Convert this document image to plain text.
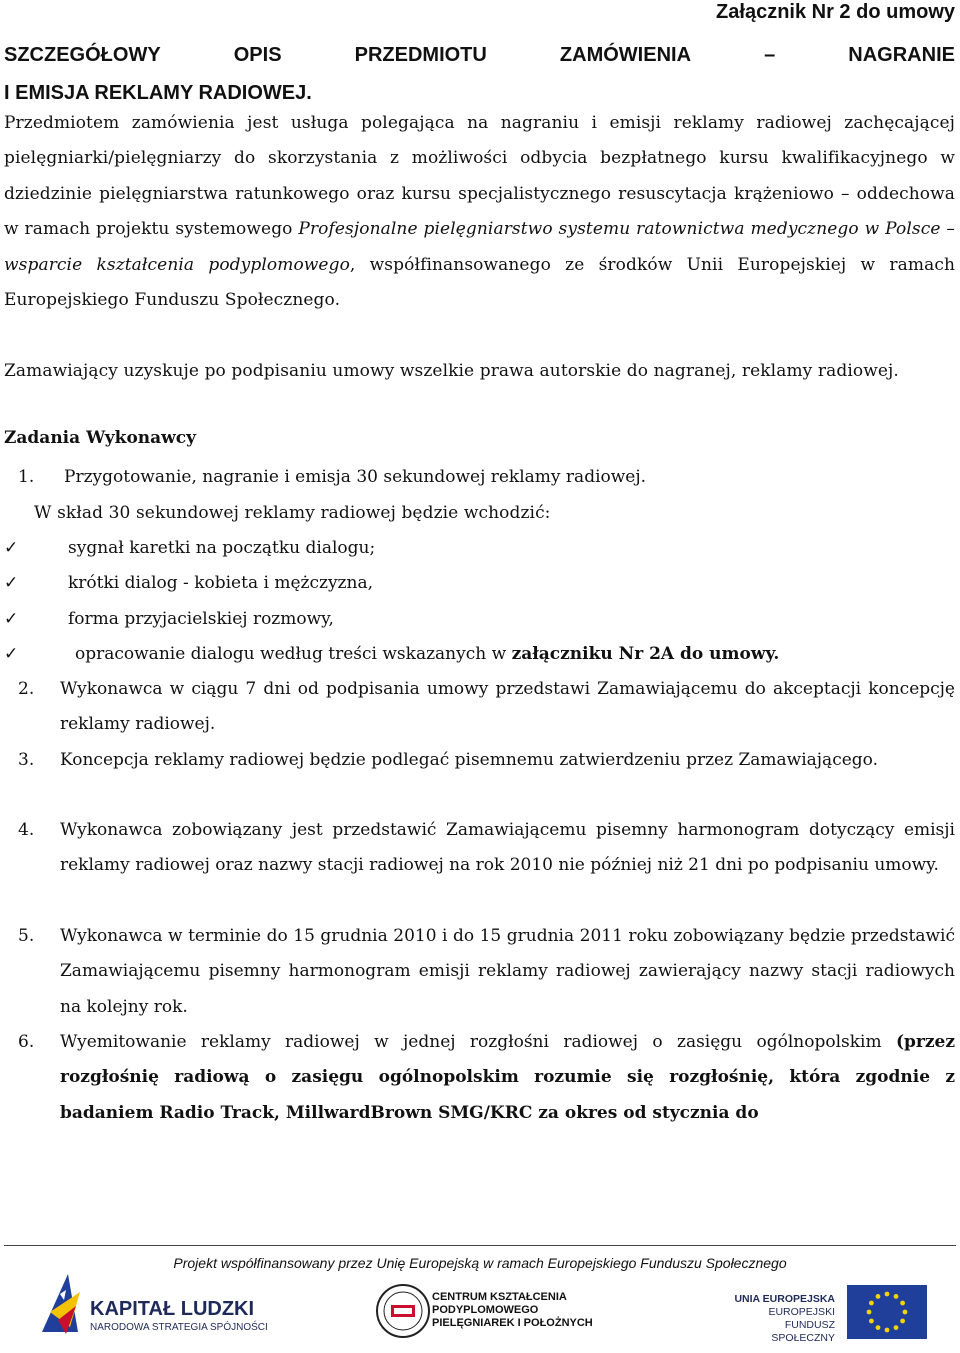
Załącznik Nr 2 do umowy
SZCZEGÓŁOWY	OPIS	PRZEDMIOTU	ZAMÓWIENIA	–	NAGRANIE
I EMISJA REKLAMY RADIOWEJ.
Przedmiotem zamówienia jest usługa polegająca na nagraniu i emisji reklamy radiowej zachęcającej pielęgniarki/pielęgniarzy do skorzystania z możliwości odbycia bezpłatnego kursu kwalifikacyjnego w dziedzinie pielęgniarstwa ratunkowego oraz kursu specjalistycznego resuscytacja krążeniowo – oddechowa w ramach projektu systemowego Profesjonalne pielęgniarstwo systemu ratownictwa medycznego w Polsce – wsparcie kształcenia podyplomowego, współfinansowanego ze środków Unii Europejskiej w ramach Europejskiego Funduszu Społecznego.
Zamawiający uzyskuje po podpisaniu umowy wszelkie prawa autorskie do nagranej, reklamy radiowej.
Zadania Wykonawcy
1. Przygotowanie, nagranie i emisja 30 sekundowej reklamy radiowej.
W skład 30 sekundowej reklamy radiowej będzie wchodzić:
✓	sygnał karetki na początku dialogu;
✓	krótki dialog - kobieta i mężczyzna,
✓	forma przyjacielskiej rozmowy,
✓	opracowanie dialogu według treści wskazanych w załączniku Nr 2A do umowy.
2. Wykonawca w ciągu 7 dni od podpisania umowy przedstawi Zamawiającemu do akceptacji koncepcję reklamy radiowej.
3. Koncepcja reklamy radiowej będzie podlegać pisemnemu zatwierdzeniu przez Zamawiającego.
4. Wykonawca zobowiązany jest przedstawić Zamawiającemu pisemny harmonogram dotyczący emisji reklamy radiowej oraz nazwy stacji radiowej na rok 2010 nie później niż 21 dni po podpisaniu umowy.
5. Wykonawca w terminie do 15 grudnia 2010 i do 15 grudnia 2011 roku zobowiązany będzie przedstawić Zamawiającemu pisemny harmonogram emisji reklamy radiowej zawierający nazwy stacji radiowych na kolejny rok.
6. Wyemitowanie reklamy radiowej w jednej rozgłośni radiowej o zasięgu ogólnopolskim (przez rozgłośnię radiową o zasięgu ogólnopolskim rozumie się rozgłośnię, która zgodnie z badaniem Radio Track, MillwardBrown SMG/KRC za okres od stycznia do
Projekt współfinansowany przez Unię Europejską w ramach Europejskiego Funduszu Społecznego
KAPITAŁ LUDZKI
NARODOWA STRATEGIA SPÓJNOŚCI
CENTRUM KSZTAŁCENIA
PODYPLOMOWEGO
PIELĘGNIAREK I POŁOŻNYCH
UNIA EUROPEJSKA
EUROPEJSKI
FUNDUSZ SPOŁECZNY
